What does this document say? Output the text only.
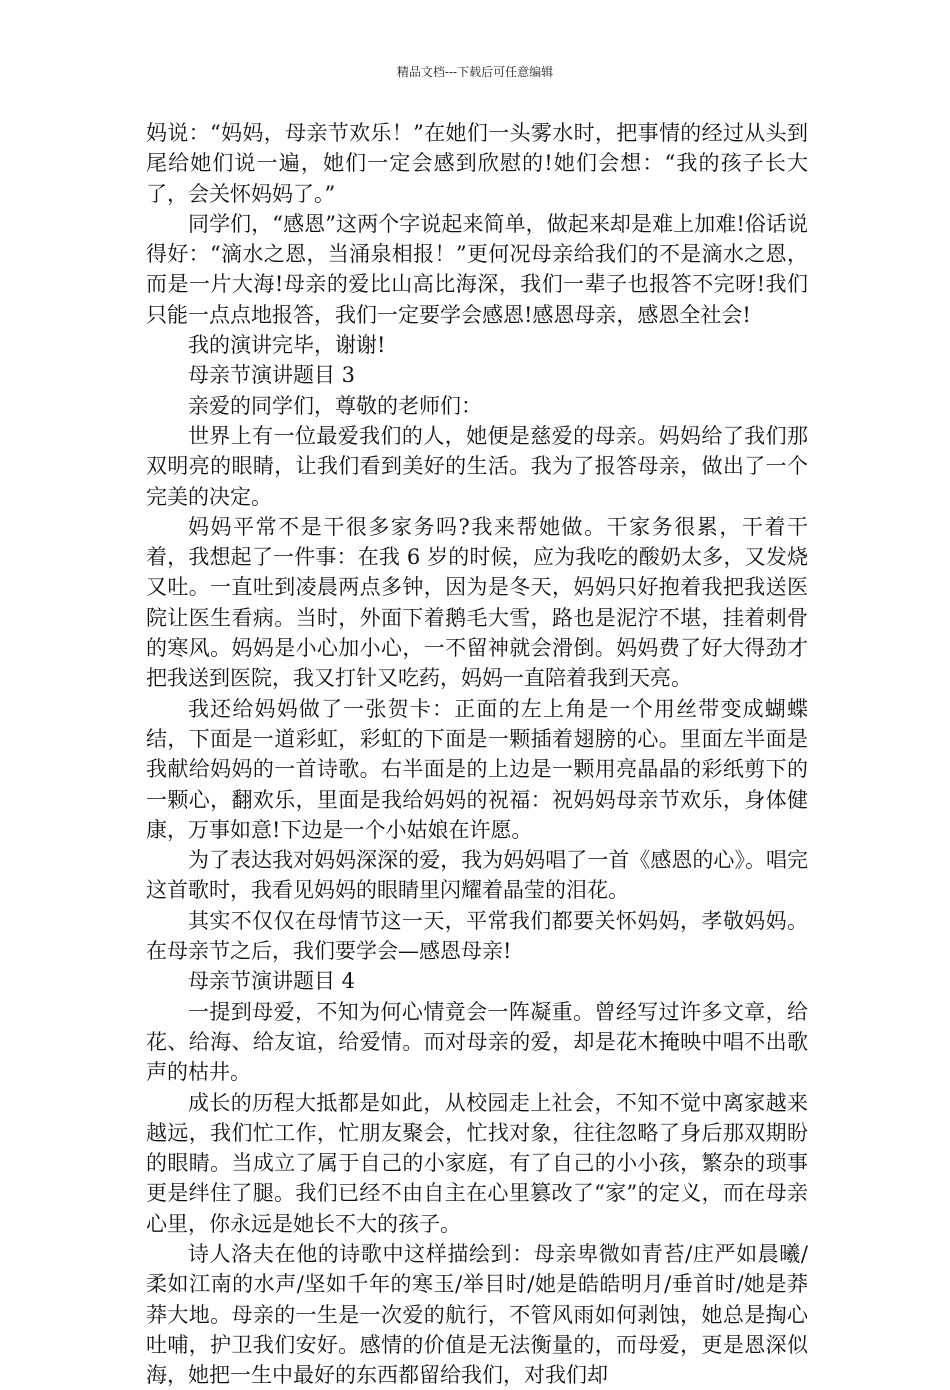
精品文档---下载后可任意编辑

妈说：“妈妈，母亲节欢乐！”在她们一头雾水时，把事情的经过从头到尾给她们说一遍，她们一定会感到欣慰的!她们会想：“我的孩子长大了，会关怀妈妈了。”

同学们，“感恩”这两个字说起来简单，做起来却是难上加难!俗话说得好：“滴水之恩，当涌泉相报！”更何况母亲给我们的不是滴水之恩，而是一片大海!母亲的爱比山高比海深，我们一辈子也报答不完呀!我们只能一点点地报答，我们一定要学会感恩!感恩母亲，感恩全社会!

我的演讲完毕，谢谢!

母亲节演讲题目 3

亲爱的同学们，尊敬的老师们：

世界上有一位最爱我们的人，她便是慈爱的母亲。妈妈给了我们那双明亮的眼睛，让我们看到美好的生活。我为了报答母亲，做出了一个完美的决定。

妈妈平常不是干很多家务吗?我来帮她做。干家务很累，干着干着，我想起了一件事：在我 6 岁的时候，应为我吃的酸奶太多，又发烧又吐。一直吐到凌晨两点多钟，因为是冬天，妈妈只好抱着我把我送医院让医生看病。当时，外面下着鹅毛大雪，路也是泥泞不堪，挂着刺骨的寒风。妈妈是小心加小心，一不留神就会滑倒。妈妈费了好大得劲才把我送到医院，我又打针又吃药，妈妈一直陪着我到天亮。

我还给妈妈做了一张贺卡：正面的左上角是一个用丝带变成蝴蝶结，下面是一道彩虹，彩虹的下面是一颗插着翅膀的心。里面左半面是我献给妈妈的一首诗歌。右半面是的上边是一颗用亮晶晶的彩纸剪下的一颗心，翻欢乐，里面是我给妈妈的祝福：祝妈妈母亲节欢乐，身体健康，万事如意!下边是一个小姑娘在许愿。

为了表达我对妈妈深深的爱，我为妈妈唱了一首《感恩的心》。唱完这首歌时，我看见妈妈的眼睛里闪耀着晶莹的泪花。

其实不仅仅在母情节这一天，平常我们都要关怀妈妈，孝敬妈妈。在母亲节之后，我们要学会—感恩母亲!

母亲节演讲题目 4

一提到母爱，不知为何心情竟会一阵凝重。曾经写过许多文章，给花、给海、给友谊，给爱情。而对母亲的爱，却是花木掩映中唱不出歌声的枯井。

成长的历程大抵都是如此，从校园走上社会，不知不觉中离家越来越远，我们忙工作，忙朋友聚会，忙找对象，往往忽略了身后那双期盼的眼睛。当成立了属于自己的小家庭，有了自己的小小孩，繁杂的琐事更是绊住了腿。我们已经不由自主在心里篡改了“家”的定义，而在母亲心里，你永远是她长不大的孩子。

诗人洛夫在他的诗歌中这样描绘到：母亲卑微如青苔/庄严如晨曦/柔如江南的水声/坚如千年的寒玉/举目时/她是皓皓明月/垂首时/她是莽莽大地。母亲的一生是一次爱的航行，不管风雨如何剥蚀，她总是掏心吐哺，护卫我们安好。感情的价值是无法衡量的，而母爱，更是恩深似海，她把一生中最好的东西都留给我们，对我们却
